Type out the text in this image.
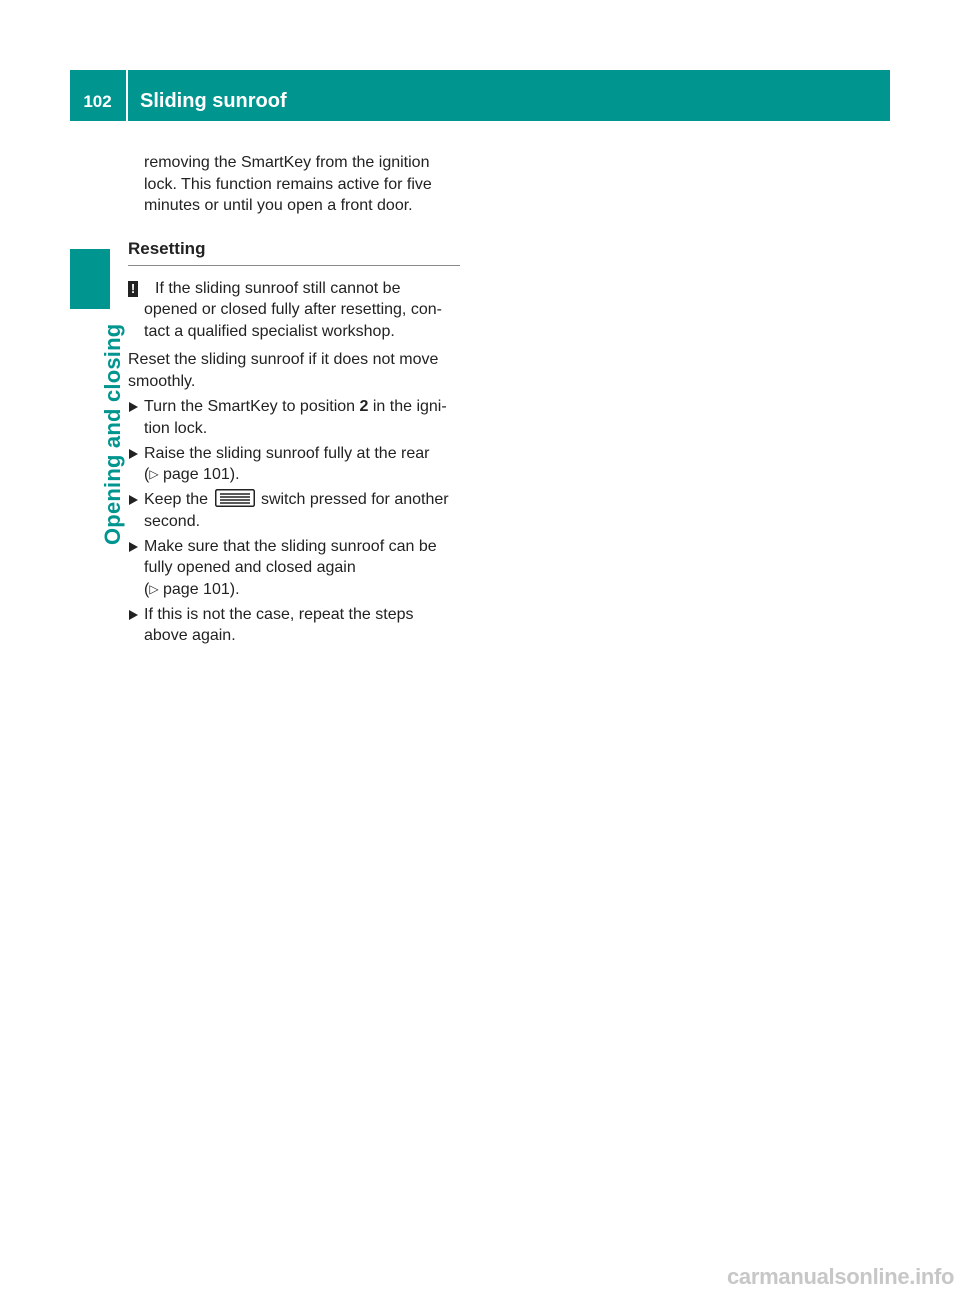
102	Sliding sunroof
Opening and closing

removing the SmartKey from the ignition
lock. This function remains active for five
minutes or until you open a front door.

Resetting
! If the sliding sunroof still cannot be
opened or closed fully after resetting, con-
tact a qualified specialist workshop.

Reset the sliding sunroof if it does not move
smoothly.

Turn the SmartKey to position 2 in the igni-
tion lock.
Raise the sliding sunroof fully at the rear
(▷ page 101).
Keep the	switch pressed for another
second.
Make sure that the sliding sunroof can be
fully opened and closed again
(▷ page 101).
If this is not the case, repeat the steps
above again.
carmanualsonline.info
